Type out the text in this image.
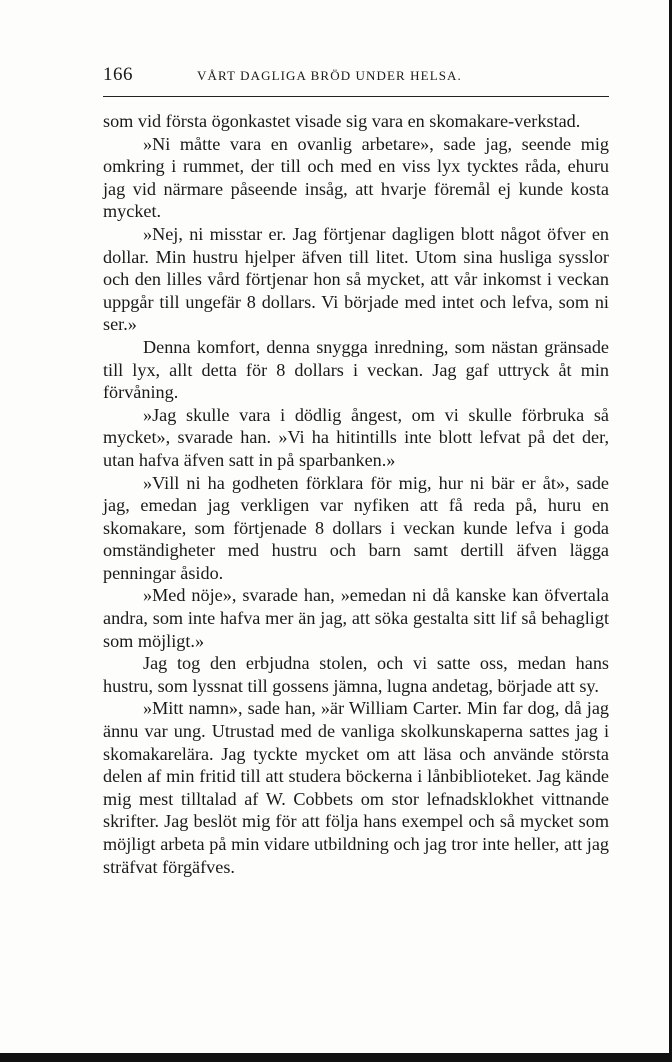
166	VÅRT DAGLIGA BRÖD UNDER HELSA.

som vid första ögonkastet visade sig vara en skomakare-verkstad.

»Ni måtte vara en ovanlig arbetare», sade jag, seende mig omkring i rummet, der till och med en viss lyx tycktes råda, ehuru jag vid närmare påseende insåg, att hvarje föremål ej kunde kosta mycket.

»Nej, ni misstar er. Jag förtjenar dagligen blott något öfver en dollar. Min hustru hjelper äfven till litet. Utom sina husliga sysslor och den lilles vård förtjenar hon så mycket, att vår inkomst i veckan uppgår till ungefär 8 dollars. Vi började med intet och lefva, som ni ser.»

Denna komfort, denna snygga inredning, som nästan gränsade till lyx, allt detta för 8 dollars i veckan. Jag gaf uttryck åt min förvåning.

»Jag skulle vara i dödlig ångest, om vi skulle förbruka så mycket», svarade han. »Vi ha hitintills inte blott lefvat på det der, utan hafva äfven satt in på sparbanken.»

»Vill ni ha godheten förklara för mig, hur ni bär er åt», sade jag, emedan jag verkligen var nyfiken att få reda på, huru en skomakare, som förtjenade 8 dollars i veckan kunde lefva i goda omständigheter med hustru och barn samt dertill äfven lägga penningar åsido.

»Med nöje», svarade han, »emedan ni då kanske kan öfvertala andra, som inte hafva mer än jag, att söka gestalta sitt lif så behagligt som möjligt.»

Jag tog den erbjudna stolen, och vi satte oss, medan hans hustru, som lyssnat till gossens jämna, lugna andetag, började att sy.

»Mitt namn», sade han, »är William Carter. Min far dog, då jag ännu var ung. Utrustad med de vanliga skolkunskaperna sattes jag i skomakarelära. Jag tyckte mycket om att läsa och använde största delen af min fritid till att studera böckerna i lånbiblioteket. Jag kände mig mest tilltalad af W. Cobbets om stor lefnadsklokhet vittnande skrifter. Jag beslöt mig för att följa hans exempel och så mycket som möjligt arbeta på min vidare utbildning och jag tror inte heller, att jag sträfvat förgäfves.
